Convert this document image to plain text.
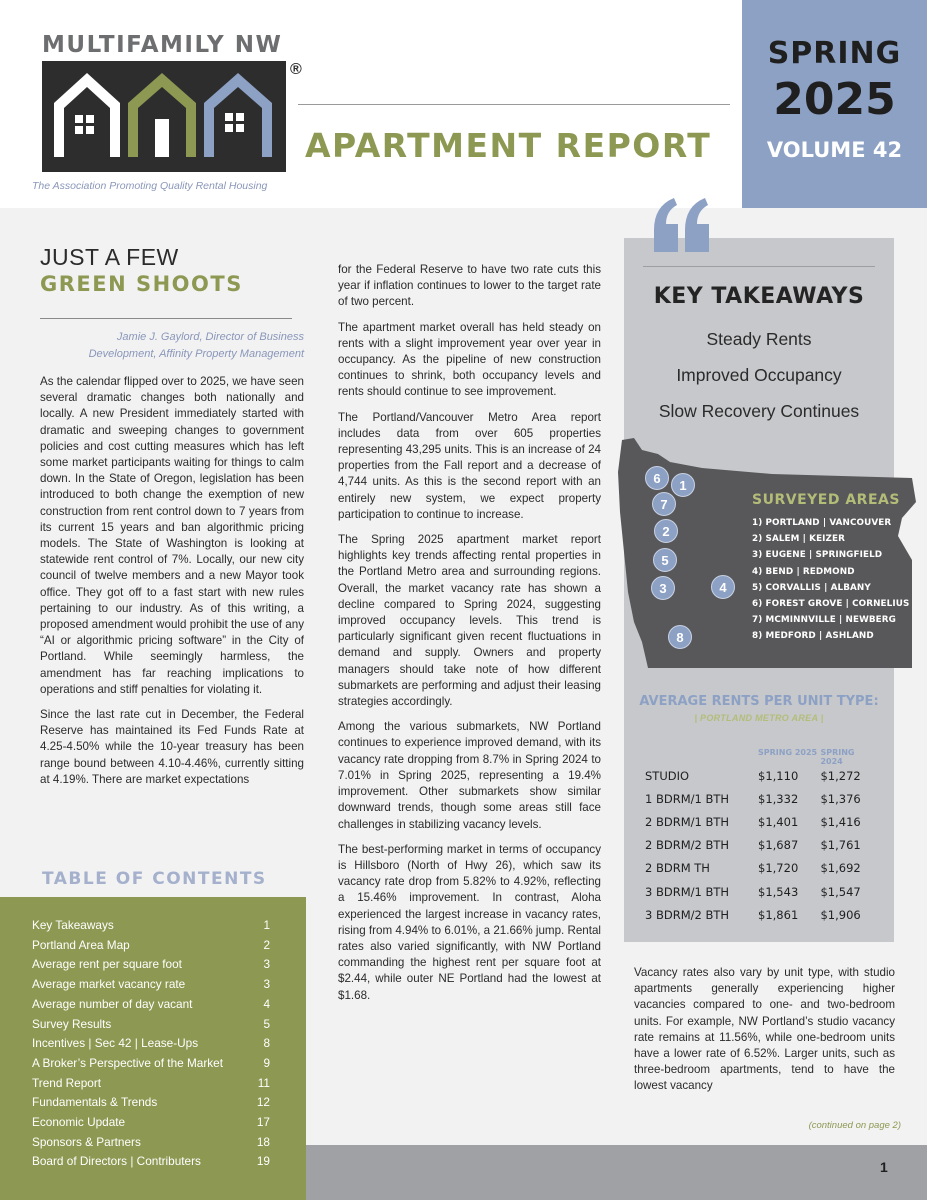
MULTIFAMILY NW
®
The Association Promoting Quality Rental Housing
APARTMENT REPORT
SPRING
2025
VOLUME 42
JUST A FEW
GREEN SHOOTS
Jamie J. Gaylord, Director of Business
Development, Affinity Property Management

As the calendar flipped over to 2025, we have seen several dramatic changes both nationally and locally. A new President immediately started with dramatic and sweeping changes to government policies and cost cutting measures which has left some market participants waiting for things to calm down. In the State of Oregon, legislation has been introduced to both change the exemption of new construction from rent control down to 7 years from its current 15 years and ban algorithmic pricing models. The State of Washington is looking at statewide rent control of 7%. Locally, our new city council of twelve members and a new Mayor took office. They got off to a fast start with new rules pertaining to our industry. As of this writing, a proposed amendment would prohibit the use of any “AI or algorithmic pricing software” in the City of Portland. While seemingly harmless, the amendment has far reaching implications to operations and stiff penalties for violating it.

Since the last rate cut in December, the Federal Reserve has maintained its Fed Funds Rate at 4.25-4.50% while the 10-year treasury has been range bound between 4.10-4.46%, currently sitting at 4.19%. There are market expectations

for the Federal Reserve to have two rate cuts this year if inflation continues to lower to the target rate of two percent.

The apartment market overall has held steady on rents with a slight improvement year over year in occupancy. As the pipeline of new construction continues to shrink, both occupancy levels and rents should continue to see improvement.

The Portland/Vancouver Metro Area report includes data from over 605 properties representing 43,295 units. This is an increase of 24 properties from the Fall report and a decrease of 4,744 units. As this is the second report with an entirely new system, we expect property participation to continue to increase.

The Spring 2025 apartment market report highlights key trends affecting rental properties in the Portland Metro area and surrounding regions. Overall, the market vacancy rate has shown a decline compared to Spring 2024, suggesting improved occupancy levels. This trend is particularly significant given recent fluctuations in demand and supply. Owners and property managers should take note of how different submarkets are performing and adjust their leasing strategies accordingly.

Among the various submarkets, NW Portland continues to experience improved demand, with its vacancy rate dropping from 8.7% in Spring 2024 to 7.01% in Spring 2025, representing a 19.4% improvement. Other submarkets show similar downward trends, though some areas still face challenges in stabilizing vacancy levels.

The best-performing market in terms of occupancy is Hillsboro (North of Hwy 26), which saw its vacancy rate drop from 5.82% to 4.92%, reflecting a 15.46% improvement. In contrast, Aloha experienced the largest increase in vacancy rates, rising from 4.94% to 6.01%, a 21.66% jump. Rental rates also varied significantly, with NW Portland commanding the highest rent per square foot at $2.44, while outer NE Portland had the lowest at $1.68.

TABLE OF CONTENTS
Key Takeaways	1
Portland Area Map	2
Average rent per square foot	3
Average market vacancy rate	3
Average number of day vacant	4
Survey Results	5
Incentives | Sec 42 | Lease-Ups	8
A Broker’s Perspective of the Market	9
Trend Report	11
Fundamentals & Trends	12
Economic Update	17
Sponsors & Partners	18
Board of Directors | Contributers	19
KEY TAKEAWAYS
Steady Rents
Improved Occupancy
Slow Recovery Continues
6	1
7
2
5
3	4
8
SURVEYED AREAS
1) PORTLAND | VANCOUVER
2) SALEM | KEIZER
3) EUGENE | SPRINGFIELD
4) BEND | REDMOND
5) CORVALLIS | ALBANY
6) FOREST GROVE | CORNELIUS
7) MCMINNVILLE | NEWBERG
8) MEDFORD | ASHLAND
AVERAGE RENTS PER UNIT TYPE:
| PORTLAND METRO AREA |
SPRING 2025 SPRING 2024
STUDIO	$1,110	$1,272
1 BDRM/1 BTH	$1,332	$1,376
2 BDRM/1 BTH	$1,401	$1,416
2 BDRM/2 BTH	$1,687	$1,761
2 BDRM TH	$1,720	$1,692
3 BDRM/1 BTH	$1,543	$1,547
3 BDRM/2 BTH	$1,861	$1,906

Vacancy rates also vary by unit type, with studio apartments generally experiencing higher vacancies compared to one- and two-bedroom units. For example, NW Portland’s studio vacancy rate remains at 11.56%, while one-bedroom units have a lower rate of 6.52%. Larger units, such as three-bedroom apartments, tend to have the lowest vacancy

(continued on page 2)
1
